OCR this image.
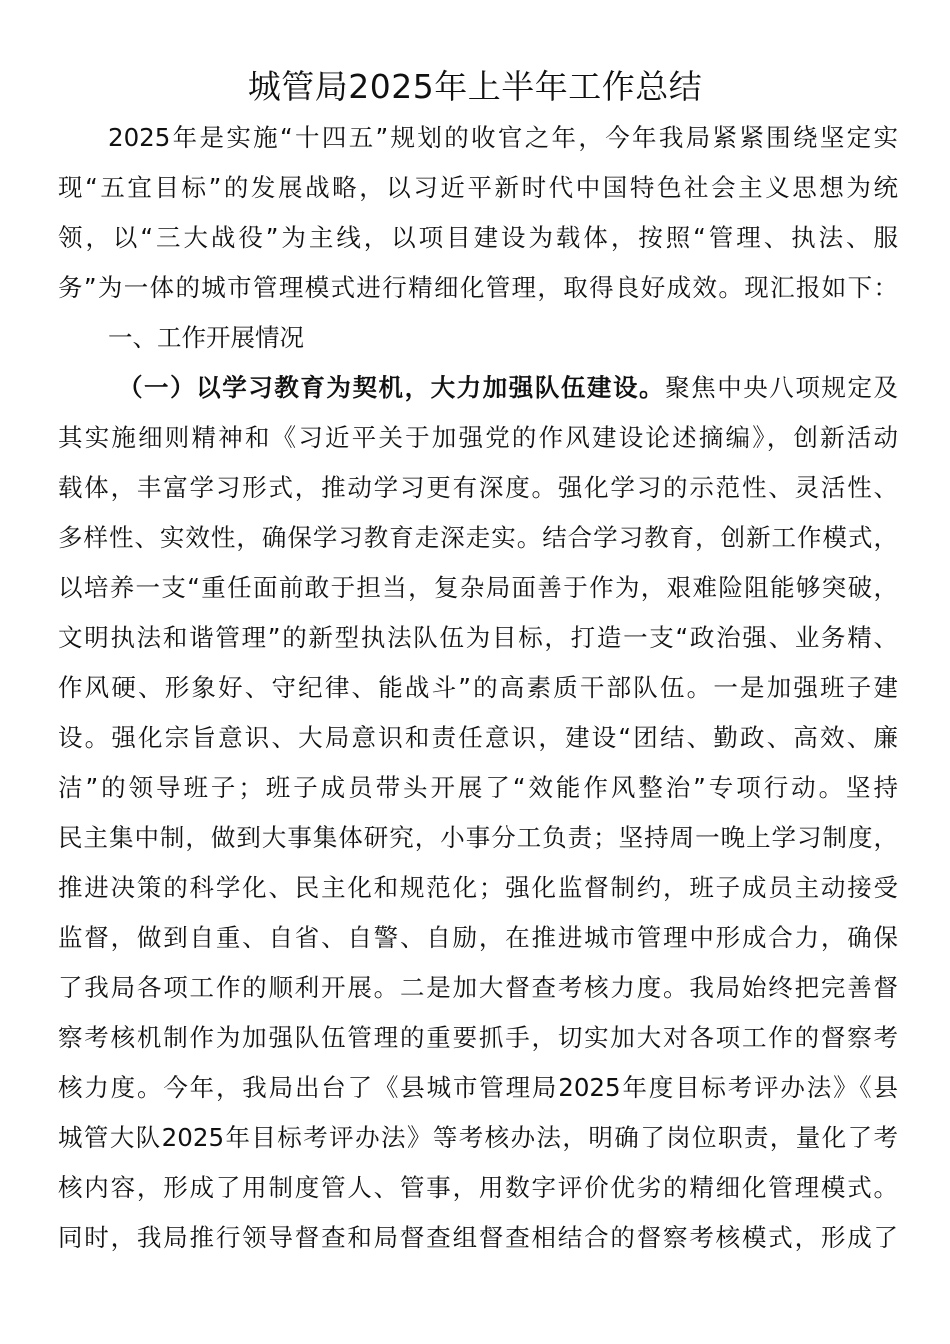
城管局2025年上半年工作总结

2025年是实施“十四五”规划的收官之年，今年我局紧紧围绕坚定实

现“五宜目标”的发展战略，以习近平新时代中国特色社会主义思想为统

领，以“三大战役”为主线，以项目建设为载体，按照“管理、执法、服

务”为一体的城市管理模式进行精细化管理，取得良好成效。现汇报如下：

一、工作开展情况

（一）以学习教育为契机，大力加强队伍建设。聚焦中央八项规定及

其实施细则精神和《习近平关于加强党的作风建设论述摘编》，创新活动

载体，丰富学习形式，推动学习更有深度。强化学习的示范性、灵活性、

多样性、实效性，确保学习教育走深走实。结合学习教育，创新工作模式，

以培养一支“重任面前敢于担当，复杂局面善于作为，艰难险阻能够突破，

文明执法和谐管理”的新型执法队伍为目标，打造一支“政治强、业务精、

作风硬、形象好、守纪律、能战斗”的高素质干部队伍。一是加强班子建

设。强化宗旨意识、大局意识和责任意识，建设“团结、勤政、高效、廉

洁”的领导班子；班子成员带头开展了“效能作风整治”专项行动。坚持

民主集中制，做到大事集体研究，小事分工负责；坚持周一晚上学习制度，

推进决策的科学化、民主化和规范化；强化监督制约，班子成员主动接受

监督，做到自重、自省、自警、自励，在推进城市管理中形成合力，确保

了我局各项工作的顺利开展。二是加大督查考核力度。我局始终把完善督

察考核机制作为加强队伍管理的重要抓手，切实加大对各项工作的督察考

核力度。今年，我局出台了《县城市管理局2025年度目标考评办法》《县

城管大队2025年目标考评办法》等考核办法，明确了岗位职责，量化了考

核内容，形成了用制度管人、管事，用数字评价优劣的精细化管理模式。

同时，我局推行领导督查和局督查组督查相结合的督察考核模式，形成了
